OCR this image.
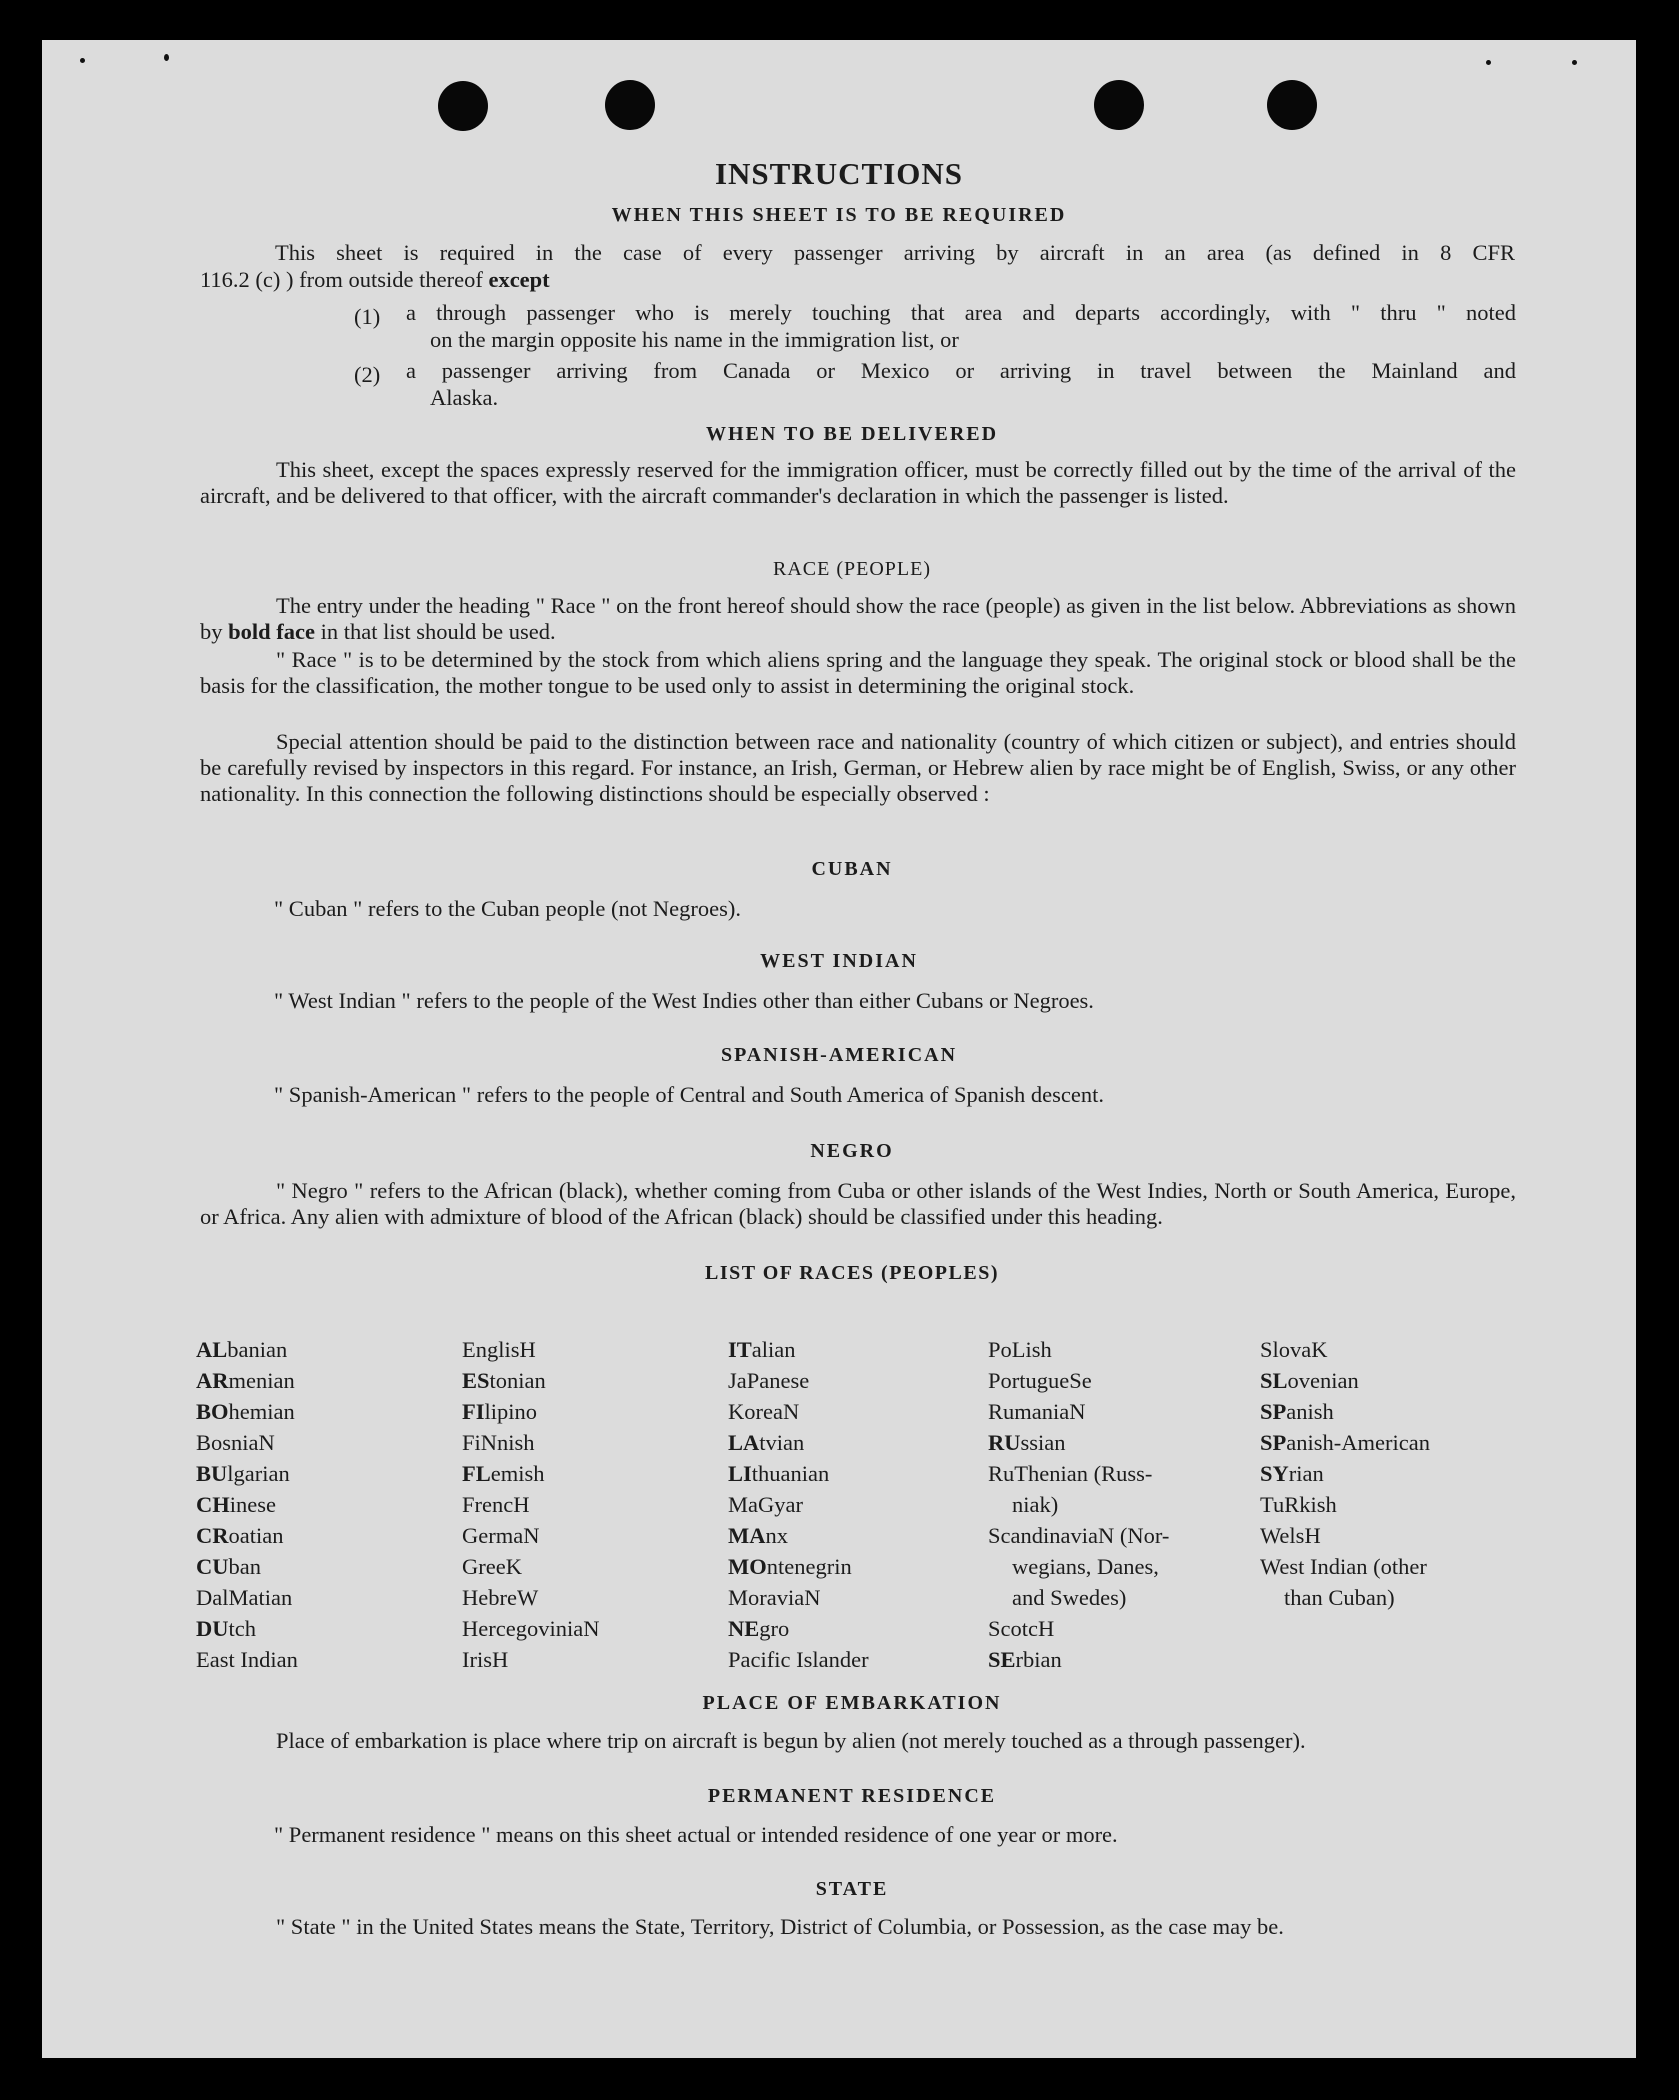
INSTRUCTIONS
WHEN THIS SHEET IS TO BE REQUIRED

This sheet is required in the case of every passenger arriving by aircraft in an area (as defined in 8 CFR

116.2 (c) ) from outside thereof except

(1) a through passenger who is merely touching that area and departs accordingly, with " thru " noted

on the margin opposite his name in the immigration list, or

(2) a passenger arriving from Canada or Mexico or arriving in travel between the Mainland and

Alaska.

WHEN TO BE DELIVERED

This sheet, except the spaces expressly reserved for the immigration officer, must be correctly filled out by the time of the arrival of the aircraft, and be delivered to that officer, with the aircraft commander's declaration in which the passenger is listed.

RACE (PEOPLE)

The entry under the heading " Race " on the front hereof should show the race (people) as given in the list below. Abbreviations as shown by bold face in that list should be used.

" Race " is to be determined by the stock from which aliens spring and the language they speak. The original stock or blood shall be the basis for the classification, the mother tongue to be used only to assist in determining the original stock.

Special attention should be paid to the distinction between race and nationality (country of which citizen or subject), and entries should be carefully revised by inspectors in this regard. For instance, an Irish, German, or Hebrew alien by race might be of English, Swiss, or any other nationality. In this connection the following distinctions should be especially observed :

CUBAN

" Cuban " refers to the Cuban people (not Negroes).

WEST INDIAN

" West Indian " refers to the people of the West Indies other than either Cubans or Negroes.

SPANISH-AMERICAN

" Spanish-American " refers to the people of Central and South America of Spanish descent.

NEGRO

" Negro " refers to the African (black), whether coming from Cuba or other islands of the West Indies, North or South America, Europe, or Africa. Any alien with admixture of blood of the African (black) should be classified under this heading.

LIST OF RACES (PEOPLES)
ALbanian
ARmenian
BOhemian
BosniaN
BUlgarian
CHinese
CRoatian
CUban
DalMatian
DUtch
East Indian
EnglisH
EStonian
FIlipino
FiNnish
FLemish
FrencH
GermaN
GreeK
HebreW
HercegoviniaN
IrisH
ITalian
JaPanese
KoreaN
LAtvian
LIthuanian
MaGyar
MAnx
MOntenegrin
MoraviaN
NEgro
Pacific Islander
PoLish
PortugueSe
RumaniaN
RUssian
RuThenian (Russ-
niak)
ScandinaviaN (Nor-
wegians, Danes,
and Swedes)
ScotcH
SErbian
SlovaK
SLovenian
SPanish
SPanish-American
SYrian
TuRkish
WelsH
West Indian (other
than Cuban)
PLACE OF EMBARKATION

Place of embarkation is place where trip on aircraft is begun by alien (not merely touched as a through passenger).

PERMANENT RESIDENCE

" Permanent residence " means on this sheet actual or intended residence of one year or more.

STATE

" State " in the United States means the State, Territory, District of Columbia, or Possession, as the case may be.
